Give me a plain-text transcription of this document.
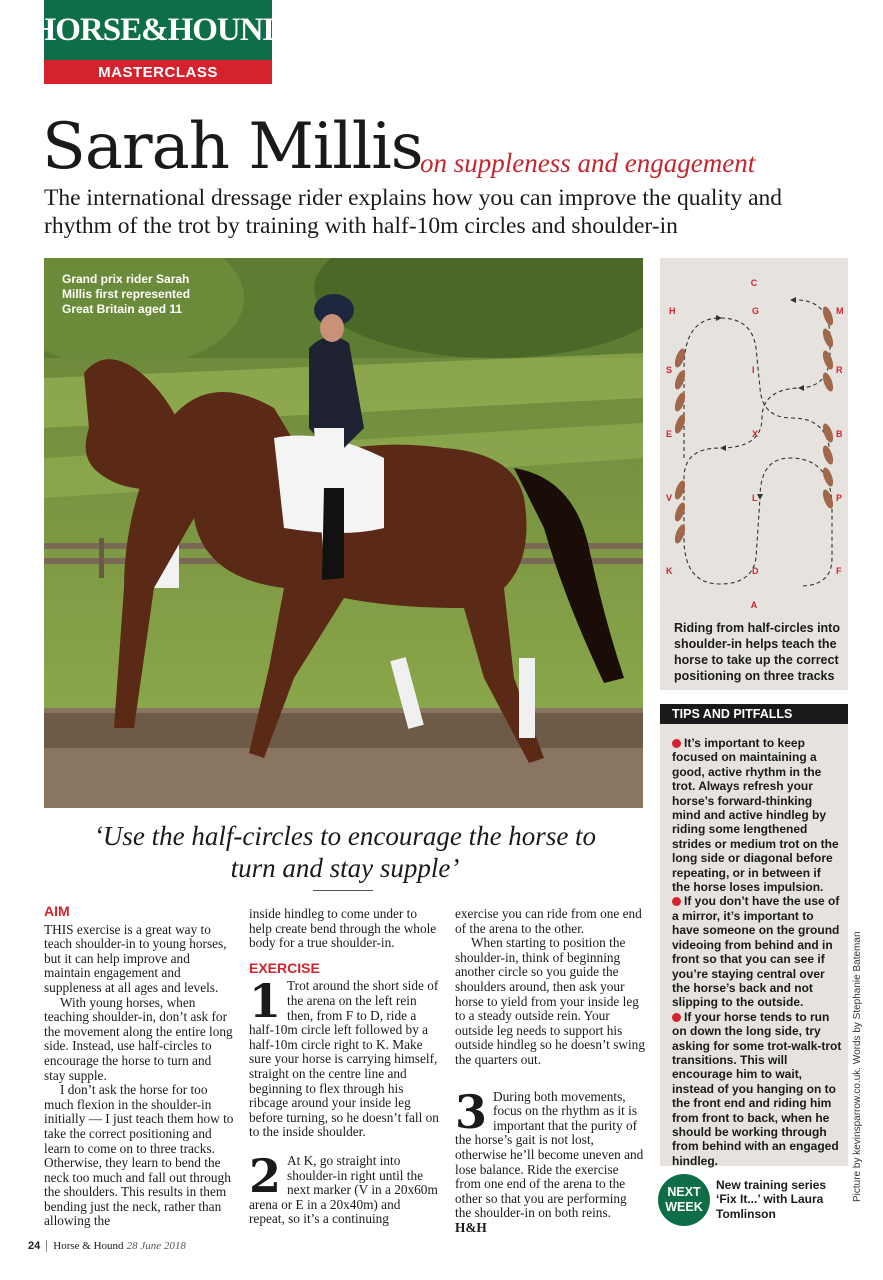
HORSE&HOUND
MASTERCLASS
Sarah Millis
on suppleness and engagement
The international dressage rider explains how you can improve the quality and rhythm of the trot by training with half-10m circles and shoulder-in
Grand prix rider Sarah Millis first represented Great Britain aged 11
C
A
H
S
E
V
K
M
R
B
P
F
G
I
X
L
D
Riding from half-circles into shoulder-in helps teach the horse to take up the correct positioning on three tracks
TIPS AND PITFALLS
It’s important to keep focused on maintaining a good, active rhythm in the trot. Always refresh your horse’s forward-thinking mind and active hindleg by riding some lengthened strides or medium trot on the long side or diagonal before repeating, or in between if the horse loses impulsion.
If you don’t have the use of a mirror, it’s important to have someone on the ground videoing from behind and in front so that you can see if you’re staying central over the horse’s back and not slipping to the outside.
If your horse tends to run on down the long side, try asking for some trot-walk-trot transitions. This will encourage him to wait, instead of you hanging on to the front end and riding him from front to back, when he should be working through from behind with an engaged hindleg.
NEXT
WEEK
New training series ‘Fix It...’ with Laura Tomlinson
Picture by kevinsparrow.co.uk. Words by Stephanie Bateman
‘Use the half-circles to encourage the horse to turn and stay supple’
AIM

THIS exercise is a great way to teach shoulder-in to young horses, but it can help improve and maintain engagement and suppleness at all ages and levels.

With young horses, when teaching shoulder-in, don’t ask for the movement along the entire long side. Instead, use half-circles to encourage the horse to turn and stay supple.

I don’t ask the horse for too much flexion in the shoulder-in initially — I just teach them how to take the correct positioning and learn to come on to three tracks. Otherwise, they learn to bend the neck too much and fall out through the shoulders. This results in them bending just the neck, rather than allowing the

inside hindleg to come under to help create bend through the whole body for a true shoulder-in.

EXERCISE
1 Trot around the short side of the arena on the left rein then, from F to D, ride a half-10m circle left followed by a half-10m circle right to K. Make sure your horse is carrying himself, straight on the centre line and beginning to flex through his ribcage around your inside leg before turning, so he doesn’t fall on to the inside shoulder.

2 At K, go straight into shoulder-in right until the next marker (V in a 20x60m arena or E in a 20x40m) and repeat, so it’s a continuing

exercise you can ride from one end of the arena to the other.

When starting to position the shoulder-in, think of beginning another circle so you guide the shoulders around, then ask your horse to yield from your inside leg to a steady outside rein. Your outside leg needs to support his outside hindleg so he doesn’t swing the quarters out.

3 During both movements, focus on the rhythm as it is important that the purity of the horse’s gait is not lost, otherwise he’ll become uneven and lose balance. Ride the exercise from one end of the arena to the other so that you are performing the shoulder-in on both reins. H&H

24 Horse & Hound 28 June 2018
